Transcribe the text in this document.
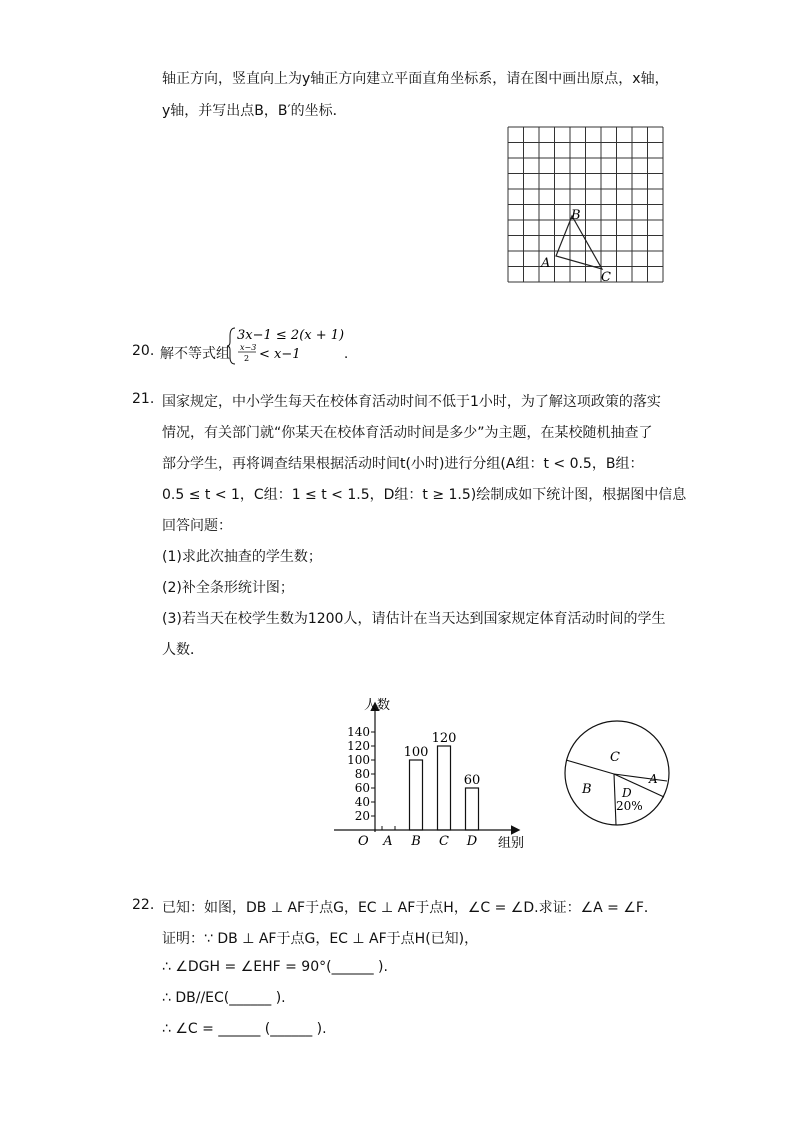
轴正方向，竖直向上为y轴正方向建立平面直角坐标系，请在图中画出原点，x轴，
y轴，并写出点B，B′的坐标．
A
B
C
20. 解不等式组
3x−1 ≤ 2(x + 1)
x−3
2 < x−1	.
21. 国家规定，中小学生每天在校体育活动时间不低于1小时，为了解这项政策的落实
情况，有关部门就“你某天在校体育活动时间是多少”为主题，在某校随机抽查了
部分学生，再将调查结果根据活动时间t(小时)进行分组(A组：t < 0.5，B组：
0.5 ≤ t < 1，C组：1 ≤ t < 1.5，D组：t ≥ 1.5)绘制成如下统计图，根据图中信息
回答问题：
(1)求此次抽查的学生数；
(2)补全条形统计图；
(3)若当天在校学生数为1200人，请估计在当天达到国家规定体育活动时间的学生
人数．
人数
组别
O
20
40
60
80
100
120
140
A B
100
C
120
D
60
C
A
D
B
20%
22. 已知：如图，DB ⊥ AF于点G，EC ⊥ AF于点H，∠C = ∠D.求证：∠A = ∠F．
证明：∵ DB ⊥ AF于点G，EC ⊥ AF于点H(已知)，
∴ ∠DGH = ∠EHF = 90°(______ ).
∴ DB//EC(______ ).
∴ ∠C = ______ (______ ).
